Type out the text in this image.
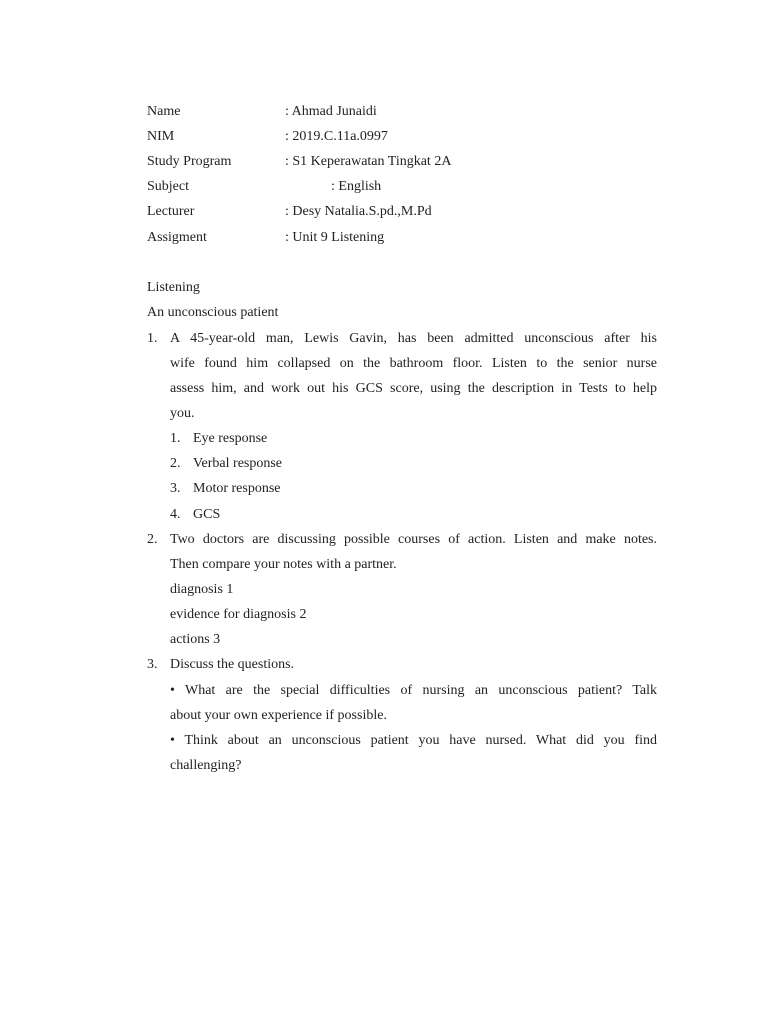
Name	: Ahmad Junaidi
NIM	: 2019.C.11a.0997
Study Program	: S1 Keperawatan Tingkat 2A
Subject	: English
Lecturer	: Desy Natalia.S.pd.,M.Pd
Assigment	: Unit 9 Listening
Listening
An unconscious patient
1. A 45-year-old man, Lewis Gavin, has been admitted unconscious after his
wife found him collapsed on the bathroom floor. Listen to the senior nurse
assess him, and work out his GCS score, using the description in Tests to help
you.
1. Eye response
2. Verbal response
3. Motor response
4. GCS
2. Two doctors are discussing possible courses of action. Listen and make notes.
Then compare your notes with a partner.
diagnosis 1
evidence for diagnosis 2
actions 3
3. Discuss the questions.
• What are the special difficulties of nursing an unconscious patient? Talk
about your own experience if possible.
• Think about an unconscious patient you have nursed. What did you find
challenging?
